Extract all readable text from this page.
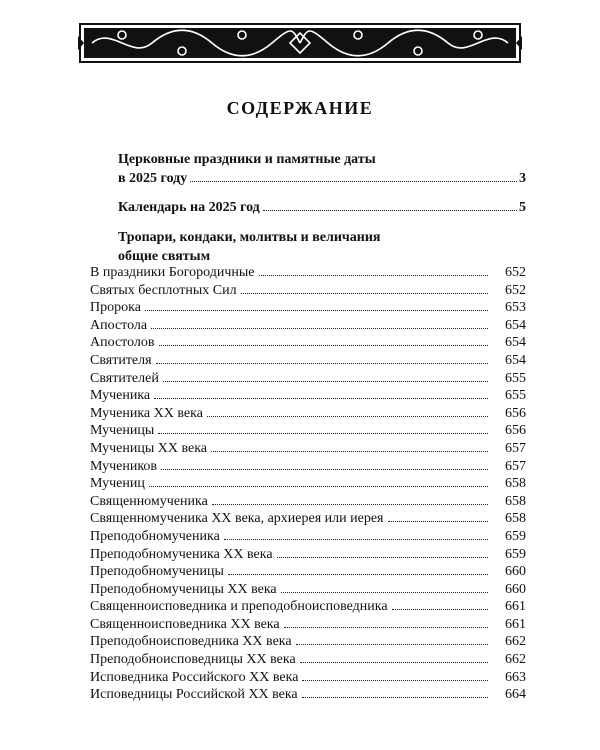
СОДЕРЖАНИЕ
Церковные праздники и памятные даты
в 2025 году	3
Календарь на 2025 год	5
Тропари, кондаки, молитвы и величания
общие святым
В праздники Богородичные	652
Святых бесплотных Сил	652
Пророка	653
Апостола	654
Апостолов	654
Святителя	654
Святителей	655
Мученика	655
Мученика XX века	656
Мученицы	656
Мученицы XX века	657
Мучеников	657
Мучениц	658
Священномученика	658
Священномученика XX века, архиерея или иерея	658
Преподобномученика	659
Преподобномученика XX века	659
Преподобномученицы	660
Преподобномученицы XX века	660
Священноисповедника и преподобноисповедника	661
Священноисповедника XX века	661
Преподобноисповедника XX века	662
Преподобноисповедницы XX века	662
Исповедника Российского XX века	663
Исповедницы Российской XX века	664
